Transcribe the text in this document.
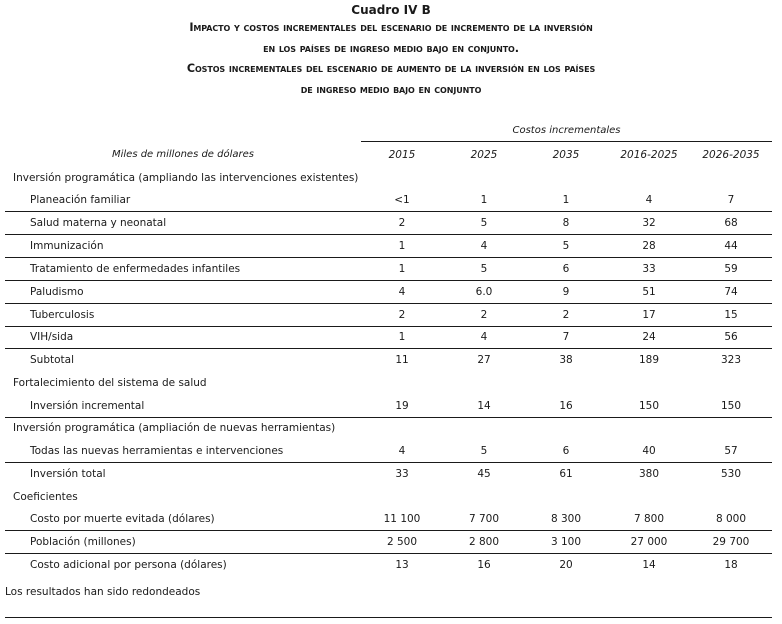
Cuadro IV B
Impacto y costos incrementales del escenario de incremento de la inversión
en los países de ingreso medio bajo en conjunto.
Costos incrementales del escenario de aumento de la inversión en los países
de ingreso medio bajo en conjunto
Costos incrementales
Miles de millones de dólares	2015	2025	2035	2016-2025	2026-2035
Inversión programática (ampliando las intervenciones existentes)
Planeación familiar	<1	1	1	4	7
Salud materna y neonatal	2	5	8	32	68
Immunización	1	4	5	28	44
Tratamiento de enfermedades infantiles	1	5	6	33	59
Paludismo	4	6.0	9	51	74
Tuberculosis	2	2	2	17	15
VIH/sida	1	4	7	24	56
Subtotal	11	27	38	189	323
Fortalecimiento del sistema de salud
Inversión incremental	19	14	16	150	150
Inversión programática (ampliación de nuevas herramientas)
Todas las nuevas herramientas e intervenciones	4	5	6	40	57
Inversión total	33	45	61	380	530
Coeficientes
Costo por muerte evitada (dólares)	11 100	7 700	8 300	7 800	8 000
Población (millones)	2 500	2 800	3 100	27 000	29 700
Costo adicional por persona (dólares)	13	16	20	14	18
Los resultados han sido redondeados
